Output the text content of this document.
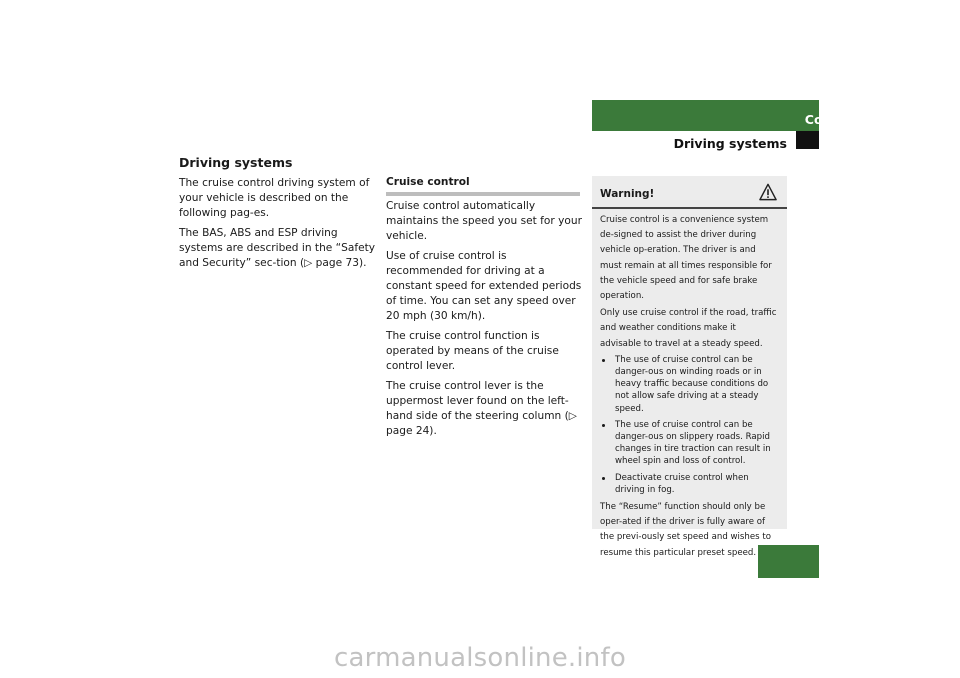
Controls in detail
Driving systems
Driving systems

The cruise control driving system of your vehicle is described on the following pag-es.

The BAS, ABS and ESP driving systems are described in the “Safety and Security” sec-tion (▷ page 73).

Cruise control

Cruise control automatically maintains the speed you set for your vehicle.

Use of cruise control is recommended for driving at a constant speed for extended periods of time. You can set any speed over 20 mph (30 km/h).

The cruise control function is operated by means of the cruise control lever.

The cruise control lever is the uppermost lever found on the left-hand side of the steering column (▷ page 24).

Warning!

Cruise control is a convenience system de-signed to assist the driver during vehicle op-eration. The driver is and must remain at all times responsible for the vehicle speed and for safe brake operation.

Only use cruise control if the road, traffic and weather conditions make it advisable to travel at a steady speed.

The use of cruise control can be danger-ous on winding roads or in heavy traffic because conditions do not allow safe driving at a steady speed.
The use of cruise control can be danger-ous on slippery roads. Rapid changes in tire traction can result in wheel spin and loss of control.
Deactivate cruise control when driving in fog.

The “Resume” function should only be oper-ated if the driver is fully aware of the previ-ously set speed and wishes to resume this particular preset speed.	193
carmanualsonline.info
